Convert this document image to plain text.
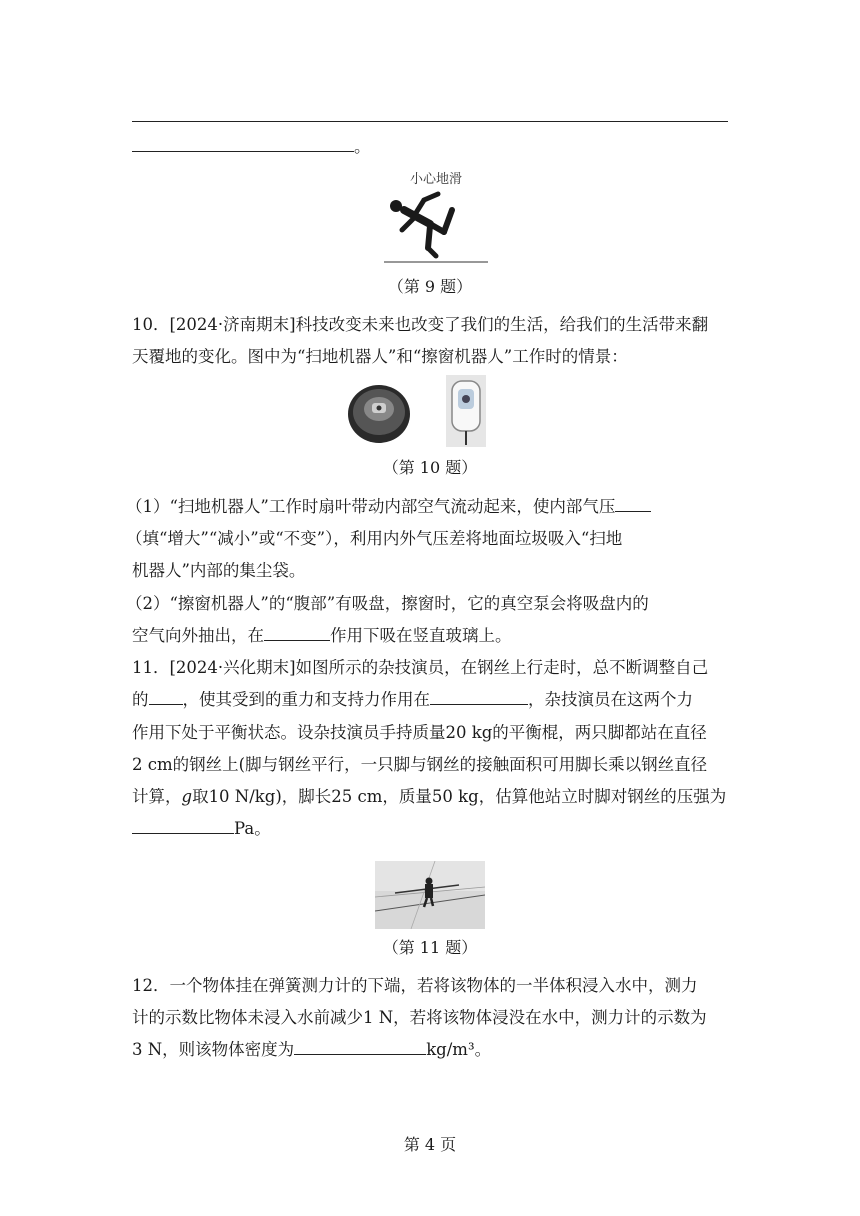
。
小心地滑
（第 9 题）
10．[2024·济南期末]科技改变未来也改变了我们的生活，给我们的生活带来翻
天覆地的变化。图中为“扫地机器人”和“擦窗机器人”工作时的情景：
（第 10 题）
（1）“扫地机器人”工作时扇叶带动内部空气流动起来，使内部气压
（填“增大”“减小”或“不变”），利用内外气压差将地面垃圾吸入“扫地
机器人”内部的集尘袋。
（2）“擦窗机器人”的“腹部”有吸盘，擦窗时，它的真空泵会将吸盘内的
空气向外抽出，在	作用下吸在竖直玻璃上。
11．[2024·兴化期末]如图所示的杂技演员，在钢丝上行走时，总不断调整自己
的 ，使其受到的重力和支持力作用在	，杂技演员在这两个力
作用下处于平衡状态。设杂技演员手持质量20 kg的平衡棍，两只脚都站在直径
2 cm的钢丝上(脚与钢丝平行，一只脚与钢丝的接触面积可用脚长乘以钢丝直径
计算，g取10 N/kg)，脚长25 cm，质量50 kg，估算他站立时脚对钢丝的压强为
Pa。
（第 11 题）
12．一个物体挂在弹簧测力计的下端，若将该物体的一半体积浸入水中，测力
计的示数比物体未浸入水前减少1 N，若将该物体浸没在水中，测力计的示数为
3 N，则该物体密度为	kg/m³。
第 4 页
